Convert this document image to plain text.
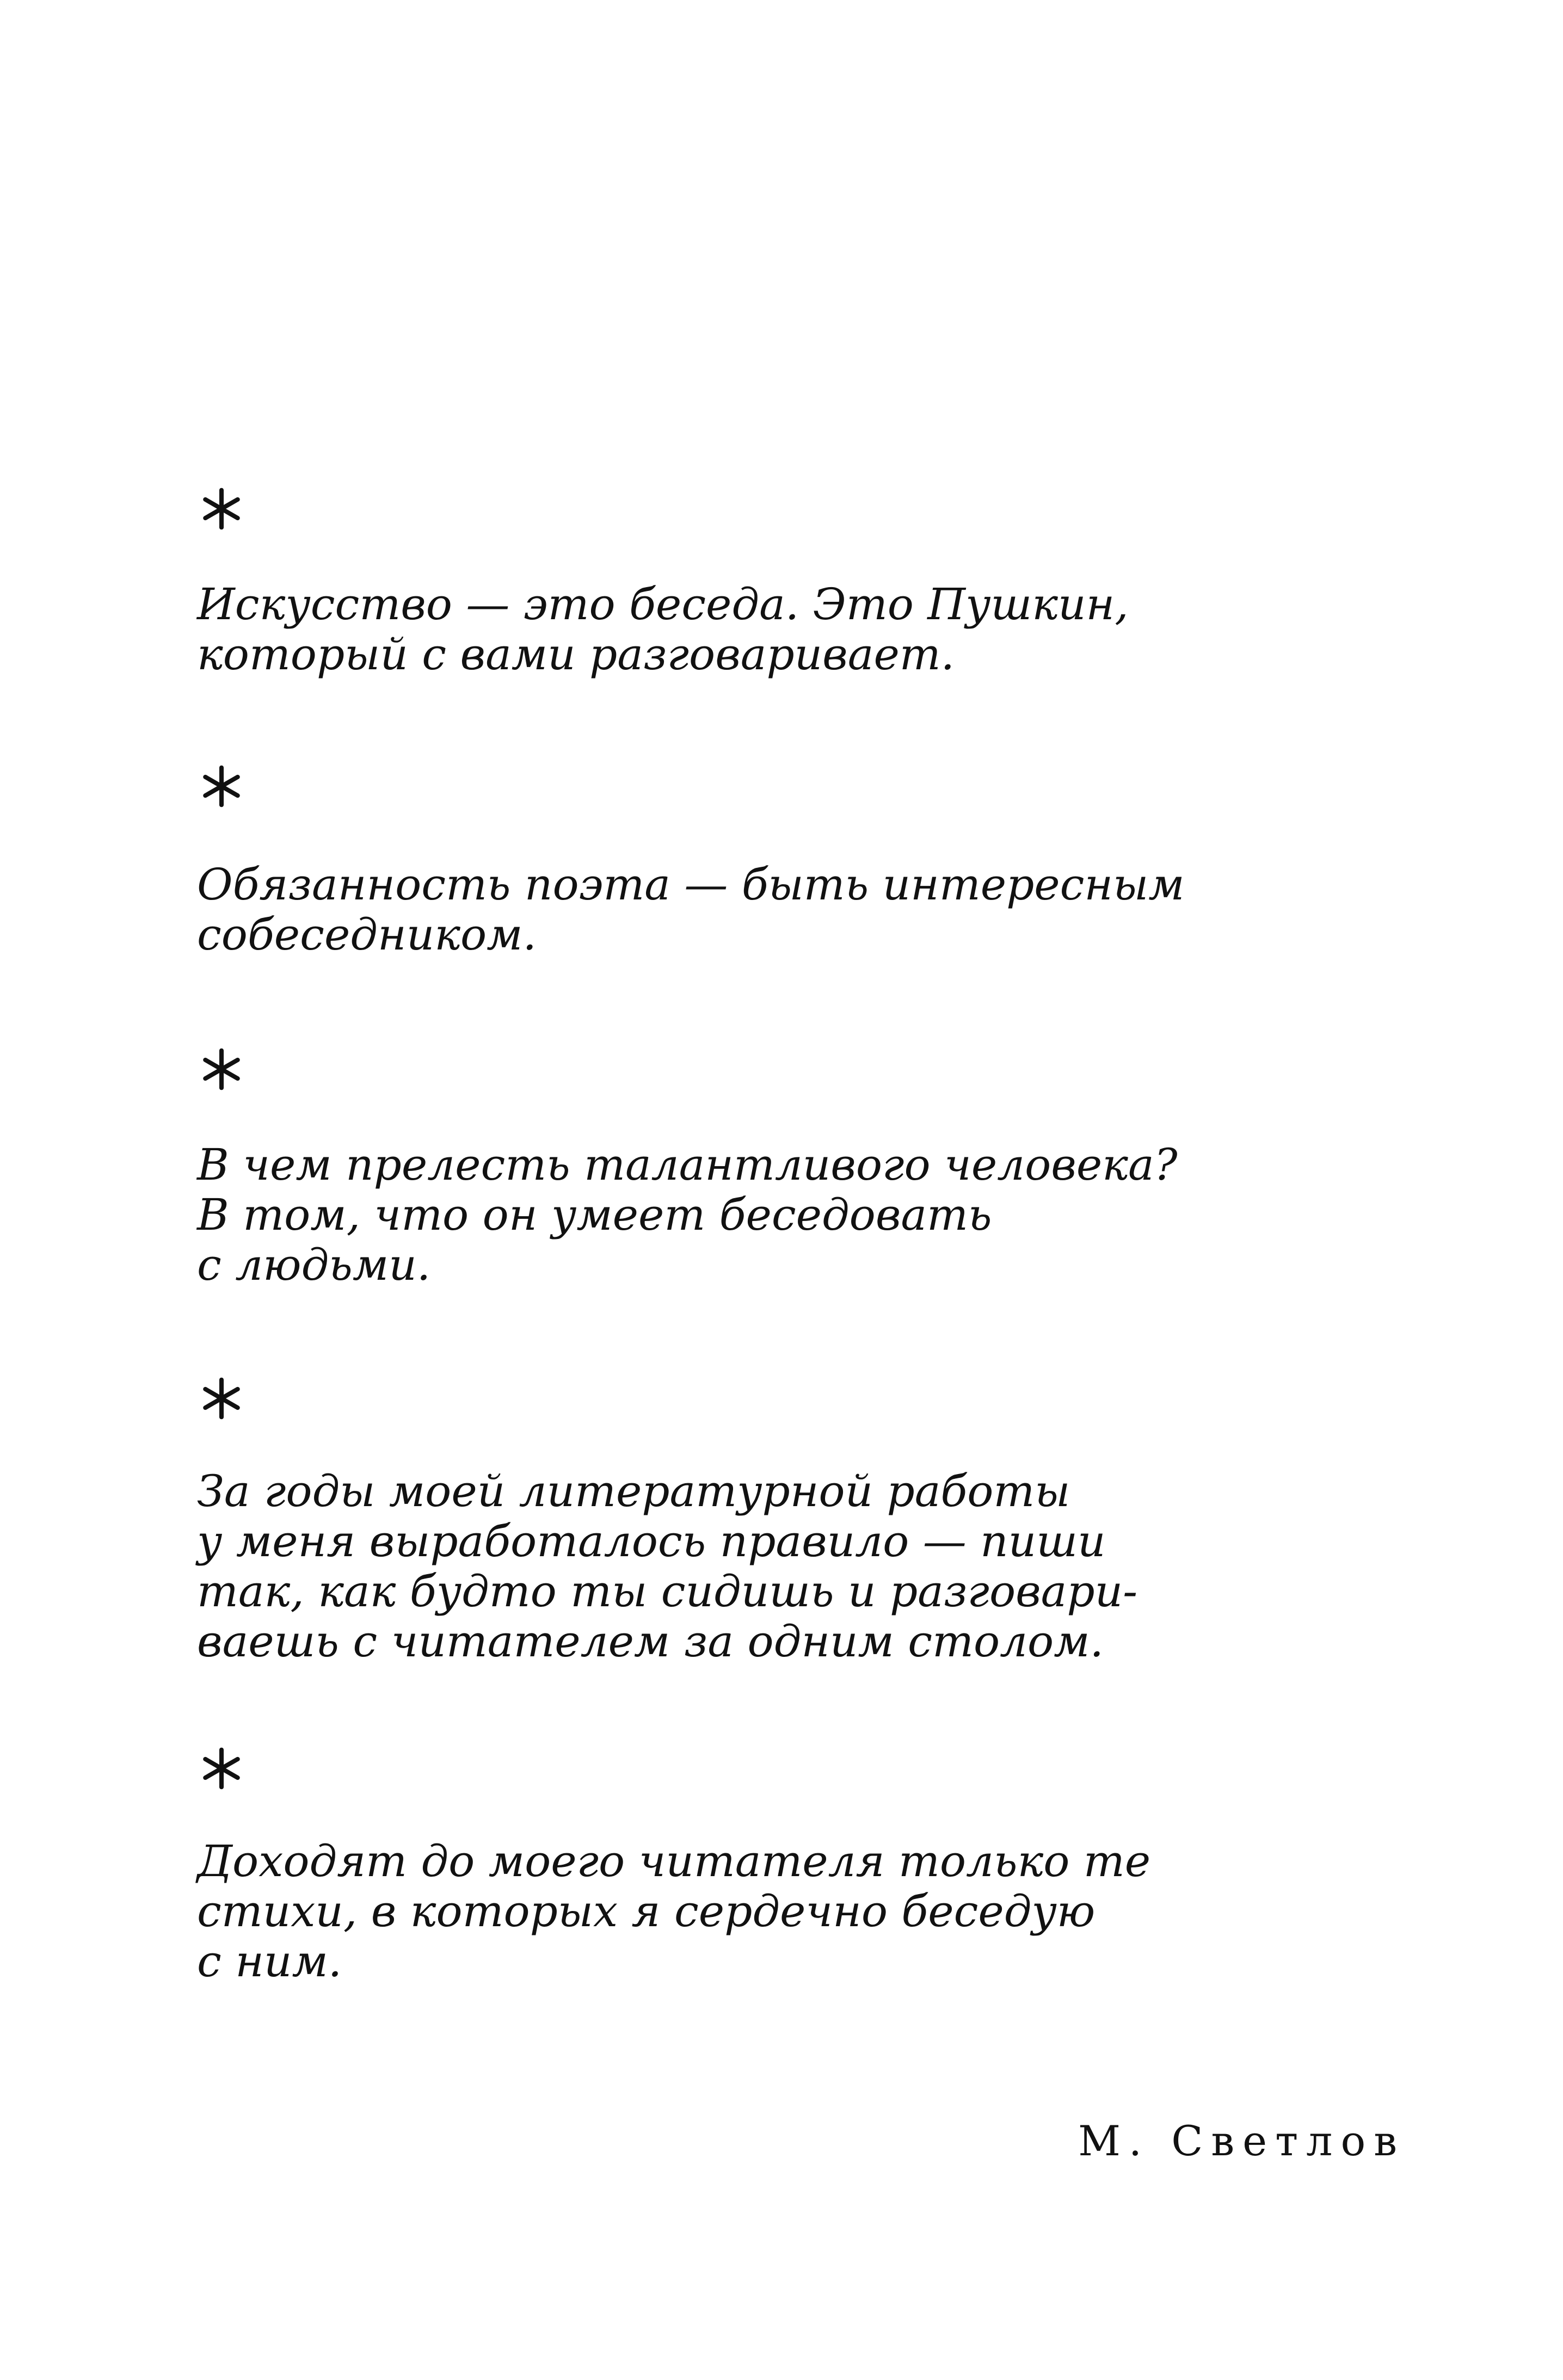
Искусство — это беседа. Это Пушкин,
который с вами разговаривает.
Обязанность поэта — быть интересным
собеседником.
В чем прелесть талантливого человека?
В том, что он умеет беседовать
с людьми.
За годы моей литературной работы
у меня выработалось правило — пиши
так, как будто ты сидишь и разговари-
ваешь с читателем за одним столом.
Доходят до моего читателя только те
стихи, в которых я сердечно беседую
с ним.
М. Светлов
